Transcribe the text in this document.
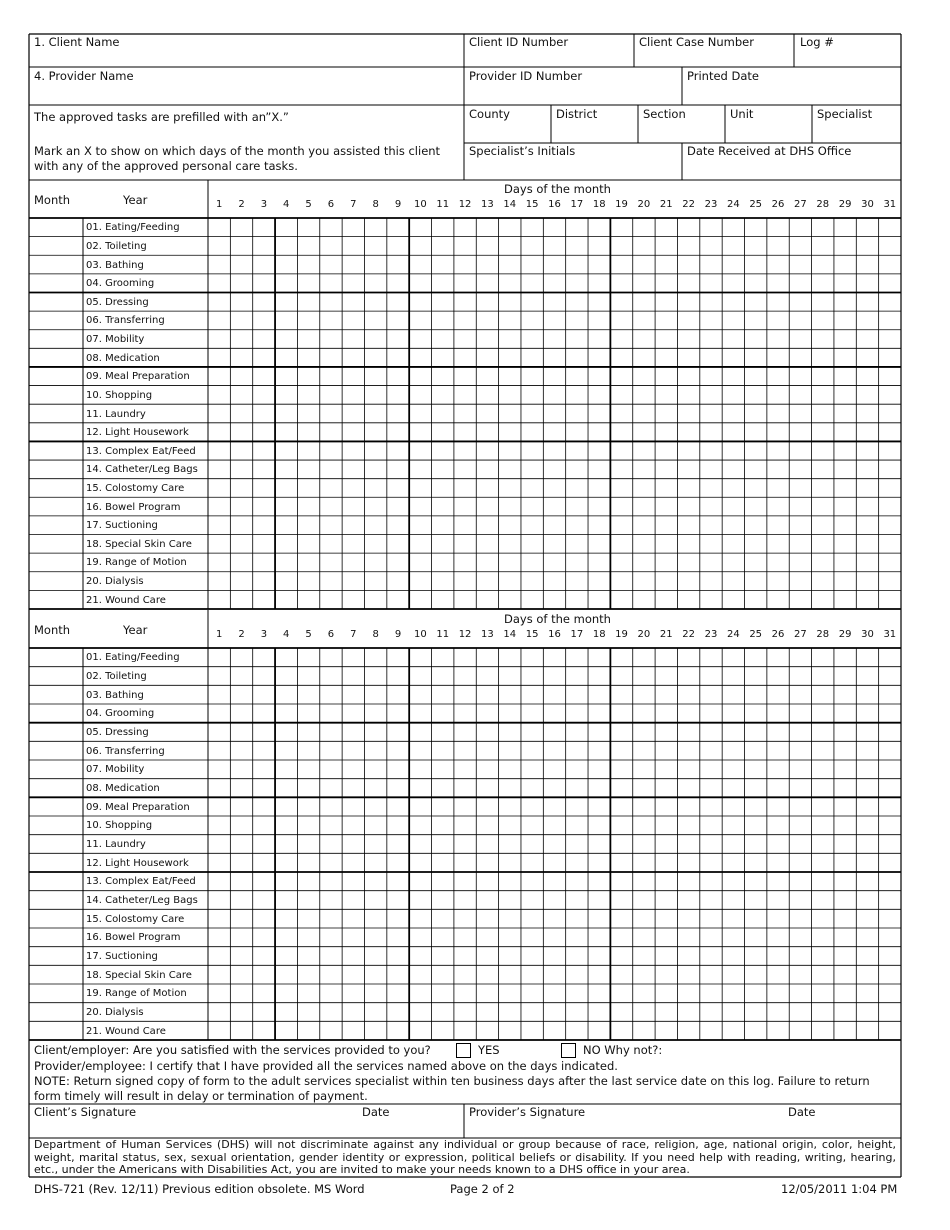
1. Client Name	Client ID Number	Client Case Number	Log #
4. Provider Name	Provider ID Number	Printed Date
The approved tasks are prefilled with an”X.”	County	District	Section	Unit	Specialist
Mark an X to show on which days of the month you assisted this client with any of the approved personal care tasks.
Specialist’s Initials	Date Received at DHS Office
Month	Year
Days of the month
1	2	3	4	5	6	7	8	9	10 11 12 13 14 15 16 17 18 19 20 21 22 23 24 25 26 27 28 29 30 31
01. Eating/Feeding
02. Toileting
03. Bathing
04. Grooming
05. Dressing
06. Transferring
07. Mobility
08. Medication
09. Meal Preparation
10. Shopping
11. Laundry
12. Light Housework
13. Complex Eat/Feed
14. Catheter/Leg Bags
15. Colostomy Care
16. Bowel Program
17. Suctioning
18. Special Skin Care
19. Range of Motion
20. Dialysis
21. Wound Care
Month	Year
Days of the month
1	2	3	4	5	6	7	8	9	10 11 12 13 14 15 16 17 18 19 20 21 22 23 24 25 26 27 28 29 30 31
01. Eating/Feeding
02. Toileting
03. Bathing
04. Grooming
05. Dressing
06. Transferring
07. Mobility
08. Medication
09. Meal Preparation
10. Shopping
11. Laundry
12. Light Housework
13. Complex Eat/Feed
14. Catheter/Leg Bags
15. Colostomy Care
16. Bowel Program
17. Suctioning
18. Special Skin Care
19. Range of Motion
20. Dialysis
21. Wound Care
Client/employer: Are you satisfied with the services provided to you?	YES	NO Why not?:
Provider/employee: I certify that I have provided all the services named above on the days indicated.
NOTE: Return signed copy of form to the adult services specialist within ten business days after the last service date on this log. Failure to return form timely will result in delay or termination of payment.
Client’s Signature	Date	Provider’s Signature	Date
Department of Human Services (DHS) will not discriminate against any individual or group because of race, religion, age, national origin, color, height, weight, marital status, sex, sexual orientation, gender identity or expression, political beliefs or disability. If you need help with reading, writing, hearing, etc., under the Americans with Disabilities Act, you are invited to make your needs known to a DHS office in your area.
DHS-721 (Rev. 12/11) Previous edition obsolete. MS Word	Page 2 of 2	12/05/2011 1:04 PM
